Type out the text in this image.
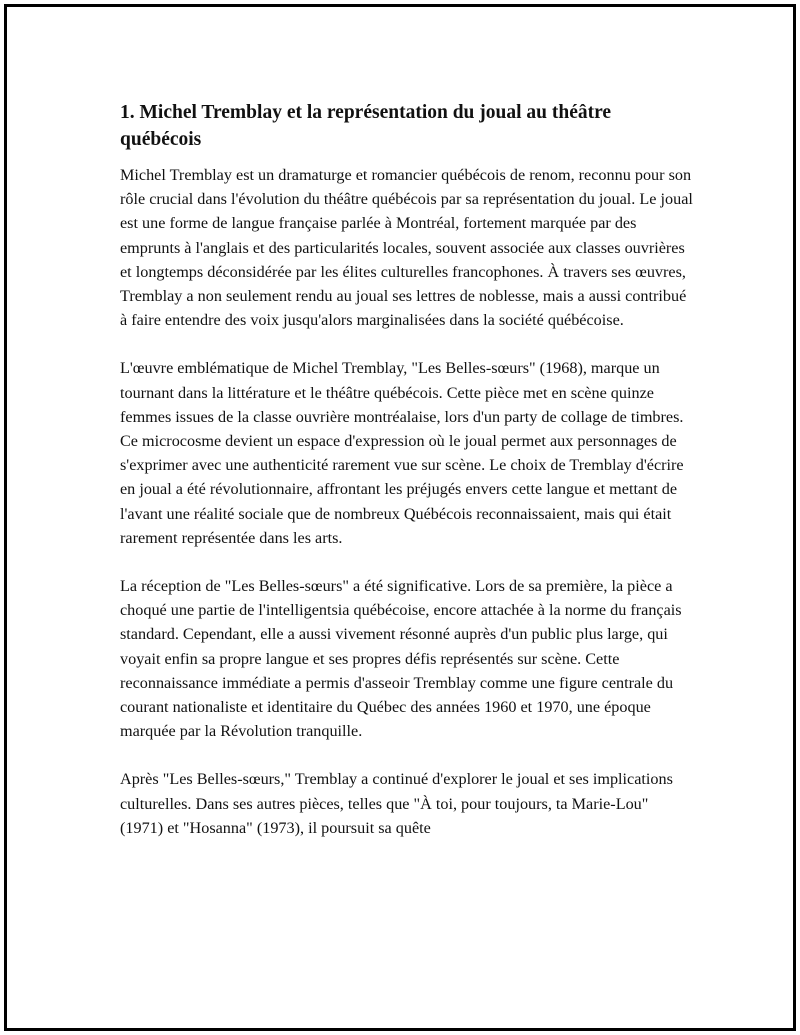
1. Michel Tremblay et la représentation du joual au théâtre québécois

Michel Tremblay est un dramaturge et romancier québécois de renom, reconnu pour son rôle crucial dans l'évolution du théâtre québécois par sa représentation du joual. Le joual est une forme de langue française parlée à Montréal, fortement marquée par des emprunts à l'anglais et des particularités locales, souvent associée aux classes ouvrières et longtemps déconsidérée par les élites culturelles francophones. À travers ses œuvres, Tremblay a non seulement rendu au joual ses lettres de noblesse, mais a aussi contribué à faire entendre des voix jusqu'alors marginalisées dans la société québécoise.

L'œuvre emblématique de Michel Tremblay, "Les Belles-sœurs" (1968), marque un tournant dans la littérature et le théâtre québécois. Cette pièce met en scène quinze femmes issues de la classe ouvrière montréalaise, lors d'un party de collage de timbres. Ce microcosme devient un espace d'expression où le joual permet aux personnages de s'exprimer avec une authenticité rarement vue sur scène. Le choix de Tremblay d'écrire en joual a été révolutionnaire, affrontant les préjugés envers cette langue et mettant de l'avant une réalité sociale que de nombreux Québécois reconnaissaient, mais qui était rarement représentée dans les arts.

La réception de "Les Belles-sœurs" a été significative. Lors de sa première, la pièce a choqué une partie de l'intelligentsia québécoise, encore attachée à la norme du français standard. Cependant, elle a aussi vivement résonné auprès d'un public plus large, qui voyait enfin sa propre langue et ses propres défis représentés sur scène. Cette reconnaissance immédiate a permis d'asseoir Tremblay comme une figure centrale du courant nationaliste et identitaire du Québec des années 1960 et 1970, une époque marquée par la Révolution tranquille.

Après "Les Belles-sœurs," Tremblay a continué d'explorer le joual et ses implications culturelles. Dans ses autres pièces, telles que "À toi, pour toujours, ta Marie-Lou" (1971) et "Hosanna" (1973), il poursuit sa quête
